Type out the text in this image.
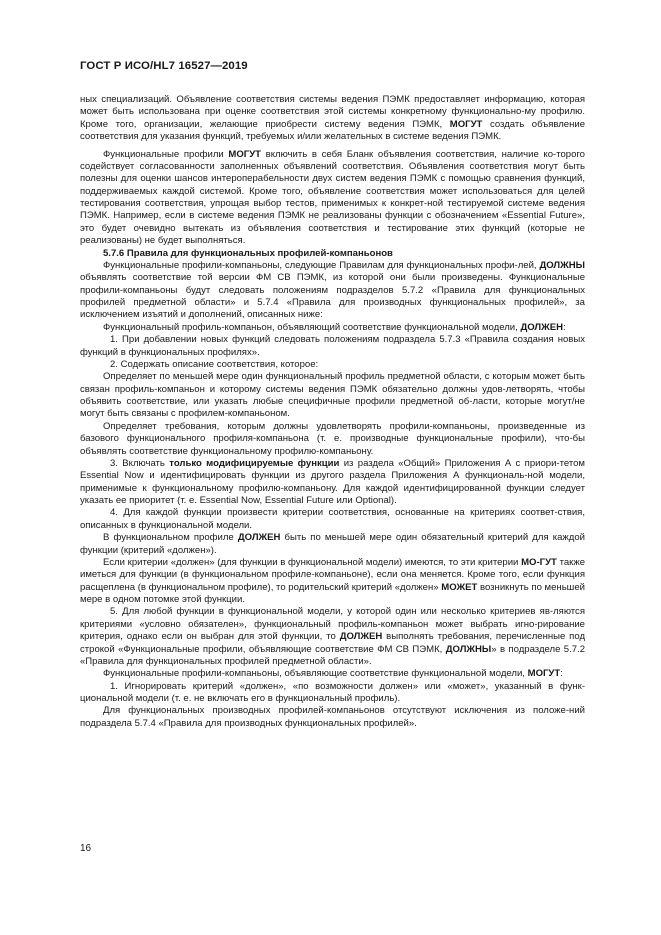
ГОСТ Р ИСО/HL7 16527—2019

ных специализаций. Объявление соответствия системы ведения ПЭМК предоставляет информацию, которая может быть использована при оценке соответствия этой системы конкретному функционально-му профилю. Кроме того, организации, желающие приобрести систему ведения ПЭМК, МОГУТ создать объявление соответствия для указания функций, требуемых и/или желательных в системе ведения ПЭМК.

Функциональные профили МОГУТ включить в себя Бланк объявления соответствия, наличие ко-торого содействует согласованности заполненных объявлений соответствия. Объявления соответствия могут быть полезны для оценки шансов интероперабельности двух систем ведения ПЭМК с помощью сравнения функций, поддерживаемых каждой системой. Кроме того, объявление соответствия может использоваться для целей тестирования соответствия, упрощая выбор тестов, применимых к конкрет-ной тестируемой системе ведения ПЭМК. Например, если в системе ведения ПЭМК не реализованы функции с обозначением «Essential Future», это будет очевидно вытекать из объявления соответствия и тестирование этих функций (которые не реализованы) не будет выполняться.

5.7.6 Правила для функциональных профилей-компаньонов

Функциональные профили-компаньоны, следующие Правилам для функциональных профи-лей, ДОЛЖНЫ объявлять соответствие той версии ФМ СВ ПЭМК, из которой они были произведены. Функциональные профили-компаньоны будут следовать положениям подразделов 5.7.2 «Правила для функциональных профилей предметной области» и 5.7.4 «Правила для производных функциональных профилей», за исключением изъятий и дополнений, описанных ниже:

Функциональный профиль-компаньон, объявляющий соответствие функциональной модели, ДОЛЖЕН:

1. При добавлении новых функций следовать положениям подраздела 5.7.3 «Правила создания новых функций в функциональных профилях».

2. Содержать описание соответствия, которое:

Определяет по меньшей мере один функциональный профиль предметной области, с которым может быть связан профиль-компаньон и которому системы ведения ПЭМК обязательно должны удов-летворять, чтобы объявить соответствие, или указать любые специфичные профили предметной об-ласти, которые могут/не могут быть связаны с профилем-компаньоном.

Определяет требования, которым должны удовлетворять профили-компаньоны, произведенные из базового функционального профиля-компаньона (т. е. производные функциональные профили), что-бы объявлять соответствие функциональному профилю-компаньону.

3. Включать только модифицируемые функции из раздела «Общий» Приложения А с приори-тетом Essential Now и идентифицировать функции из другого раздела Приложения А функциональ-ной модели, применимые к функциональному профилю-компаньону. Для каждой идентифицированной функции следует указать ее приоритет (т. е. Essential Now, Essential Future или Optional).

4. Для каждой функции произвести критерии соответствия, основанные на критериях соответ-ствия, описанных в функциональной модели.

В функциональном профиле ДОЛЖЕН быть по меньшей мере один обязательный критерий для каждой функции (критерий «должен»).

Если критерии «должен» (для функции в функциональной модели) имеются, то эти критерии МО-ГУТ также иметься для функции (в функциональном профиле-компаньоне), если она меняется. Кроме того, если функция расщеплена (в функциональном профиле), то родительский критерий «должен» МОЖЕТ возникнуть по меньшей мере в одном потомке этой функции.

5. Для любой функции в функциональной модели, у которой один или несколько критериев яв-ляются критериями «условно обязателен», функциональный профиль-компаньон может выбрать игно-рирование критерия, однако если он выбран для этой функции, то ДОЛЖЕН выполнять требования, перечисленные под строкой «Функциональные профили, объявляющие соответствие ФМ СВ ПЭМК, ДОЛЖНЫ» в подразделе 5.7.2 «Правила для функциональных профилей предметной области».

Функциональные профили-компаньоны, объявляющие соответствие функциональной модели, МОГУТ:

1. Игнорировать критерий «должен», «по возможности должен» или «может», указанный в функ-циональной модели (т. е. не включать его в функциональный профиль).

Для функциональных производных профилей-компаньонов отсутствуют исключения из положе-ний подраздела 5.7.4 «Правила для производных функциональных профилей».

16
